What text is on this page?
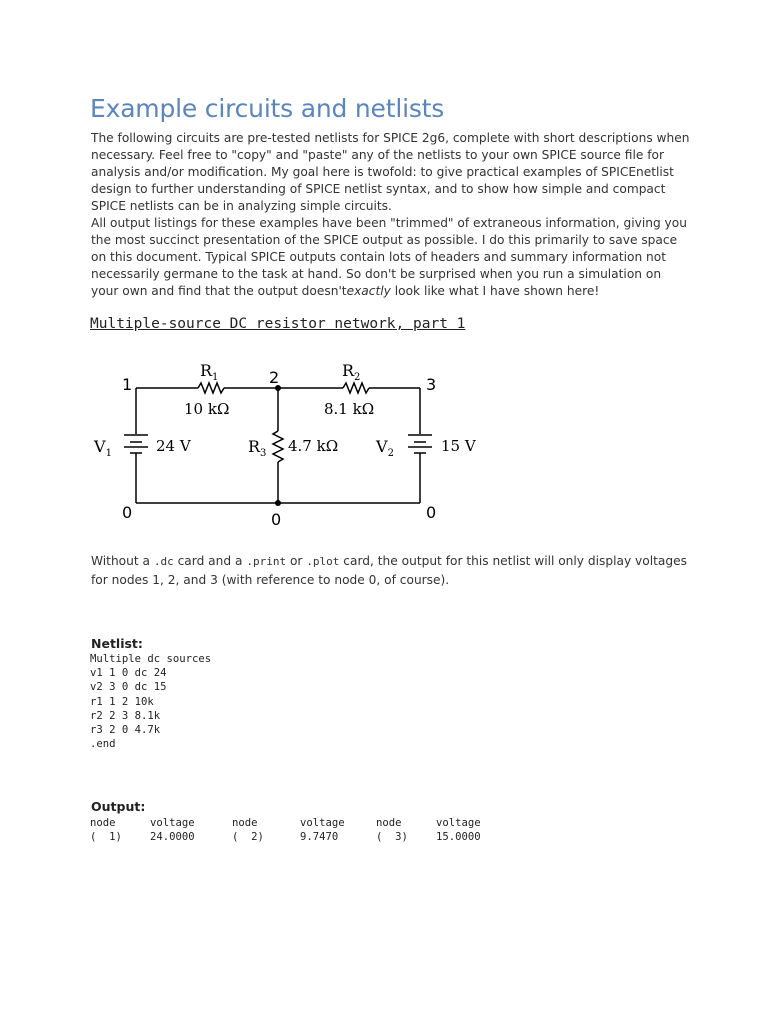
Example circuits and netlists

The following circuits are pre-tested netlists for SPICE 2g6, complete with short descriptions when necessary. Feel free to "copy" and "paste" any of the netlists to your own SPICE source file for analysis and/or modification. My goal here is twofold: to give practical examples of SPICEnetlist design to further understanding of SPICE netlist syntax, and to show how simple and compact SPICE netlists can be in analyzing simple circuits.

All output listings for these examples have been "trimmed" of extraneous information, giving you the most succinct presentation of the SPICE output as possible. I do this primarily to save space on this document. Typical SPICE outputs contain lots of headers and summary information not necessarily germane to the task at hand. So don't be surprised when you run a simulation on your own and find that the output doesn'texactly look like what I have shown here!

Multiple-source DC resistor network, part 1
1	2	3
0	0	0
$R_1$
10 kΩ
$R_2$
8.1 kΩ
$R_3$ 4.7 kΩ
$V_1$	24 V	$V_2$	15 V

Without a .dc card and a .print or .plot card, the output for this netlist will only display voltages for nodes 1, 2, and 3 (with reference to node 0, of course).

Netlist:
Multiple dc sources
v1 1 0 dc 24
v2 3 0 dc 15
r1 1 2 10k
r2 2 3 8.1k
r3 2 0 4.7k
.end
Output:
node	voltage	node	voltage	node	voltage
(  1)	24.0000	(  2)	9.7470	(  3)	15.0000
